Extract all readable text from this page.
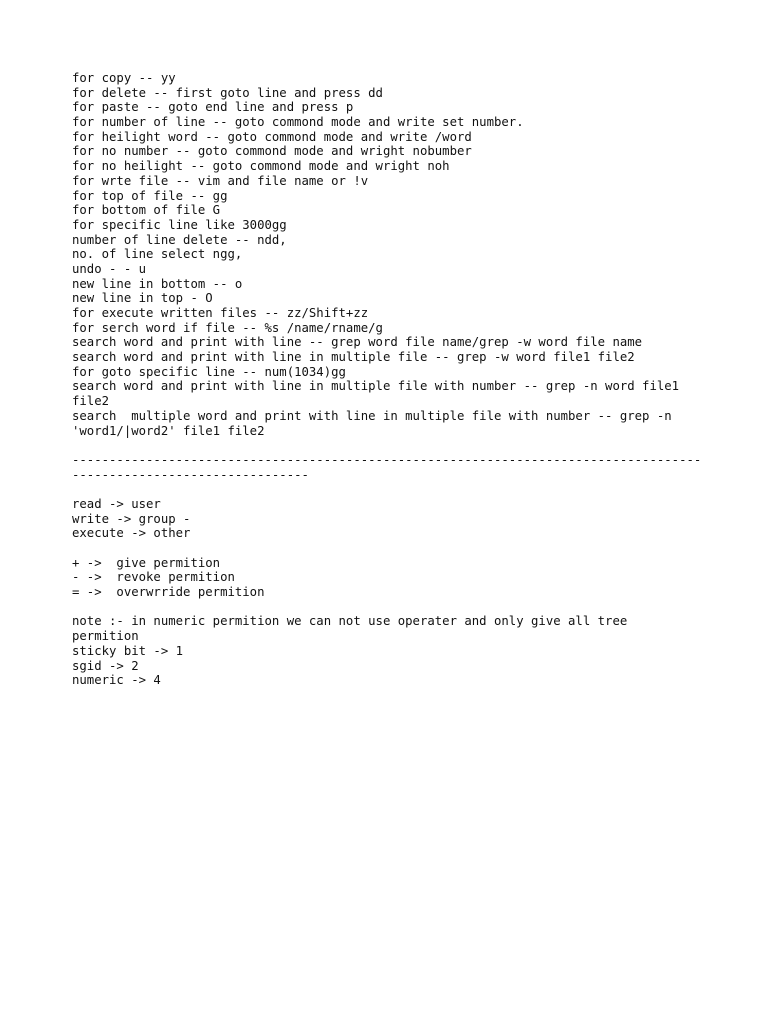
for copy -- yy
for delete -- first goto line and press dd
for paste -- goto end line and press p
for number of line -- goto commond mode and write set number.
for heilight word -- goto commond mode and write /word
for no number -- goto commond mode and wright nobumber
for no heilight -- goto commond mode and wright noh
for wrte file -- vim and file name or !v
for top of file -- gg
for bottom of file G
for specific line like 3000gg
number of line delete -- ndd,
no. of line select ngg,
undo - - u
new line in bottom -- o
new line in top - O
for execute written files -- zz/Shift+zz
for serch word if file -- %s /name/rname/g
search word and print with line -- grep word file name/grep -w word file name
search word and print with line in multiple file -- grep -w word file1 file2
for goto specific line -- num(1034)gg
search word and print with line in multiple file with number -- grep -n word file1
file2
search  multiple word and print with line in multiple file with number -- grep -n
'word1/|word2' file1 file2
-------------------------------------------------------------------------------------
--------------------------------
read -> user
write -> group -
execute -> other
+ ->  give permition
- ->  revoke permition
= ->  overwrride permition
note :- in numeric permition we can not use operater and only give all tree
permition
sticky bit -> 1
sgid -> 2
numeric -> 4
